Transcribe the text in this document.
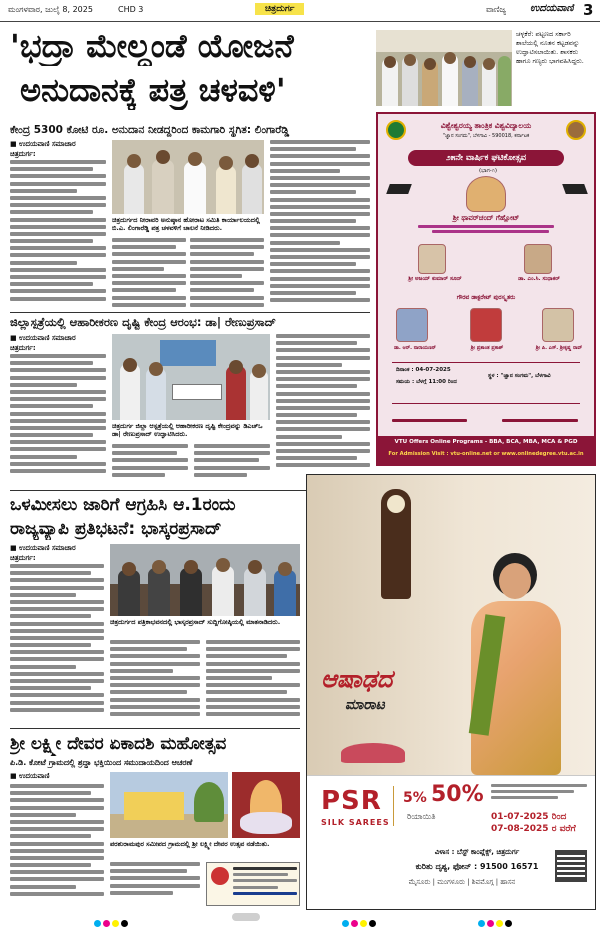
ಮಂಗಳವಾರ, ಜುಲೈ 8, 2025	CHD 3	ಚಿತ್ರದುರ್ಗ	ವಾಣಿಜ್ಯ ಉದಯವಾಣಿ 3
'ಭದ್ರಾ ಮೇಲ್ದಂಡೆ ಯೋಜನೆ
ಅನುದಾನಕ್ಕೆ ಪತ್ರ ಚಳವಳಿ'
ಕೇಂದ್ರ 5300 ಕೋಟಿ ರೂ. ಅನುದಾನ ನೀಡದ್ದರಿಂದ ಕಾಮಗಾರಿ ಸ್ಥಗಿತ: ಲಿಂಗಾರೆಡ್ಡಿ
■ ಉದಯವಾಣಿ ಸಮಾಚಾರ
ಚಿತ್ರದುರ್ಗ:
ಚಿತ್ರದುರ್ಗದ ನೀರಾವರಿ ಅನುಷ್ಠಾನ ಹೋರಾಟ ಸಮಿತಿ ಕಾರ್ಯಾಲಯದಲ್ಲಿ ಬಿ.ಎ. ಲಿಂಗಾರೆಡ್ಡಿ ಪತ್ರ ಚಳವಳಿಗೆ ಚಾಲನೆ ನೀಡಿದರು.
ಜಿಲ್ಲಾಸ್ಪತ್ರೆಯಲ್ಲಿ ಆಹಾರೀಕರಣ ದೃಷ್ಟಿ ಕೇಂದ್ರ ಆರಂಭ: ಡಾ| ರೇಣುಪ್ರಸಾದ್
■ ಉದಯವಾಣಿ ಸಮಾಚಾರ
ಚಿತ್ರದುರ್ಗ:
ಚಿತ್ರದುರ್ಗ ಜಿಲ್ಲಾ ಆಸ್ಪತ್ರೆಯಲ್ಲಿ ಆಹಾರೀಕರಣ ದೃಷ್ಟಿ ಕೇಂದ್ರವನ್ನು ಡಿಎಚ್ಒ ಡಾ| ರೇಣುಪ್ರಸಾದ್ ಉದ್ಘಾಟಿಸಿದರು.
ಚಳ್ಳಕೆರೆ: ಪಟ್ಟಣದ ಸರ್ಕಾರಿ ಶಾಲೆಯಲ್ಲಿ ನೂತನ ಕಟ್ಟಡವನ್ನು ಉದ್ಘಾಟಿಸಲಾಯಿತು. ಶಾಸಕರು ಹಾಗೂ ಗಣ್ಯರು ಭಾಗವಹಿಸಿದ್ದರು.
ವಿಶ್ವೇಶ್ವರಯ್ಯ ತಾಂತ್ರಿಕ ವಿಶ್ವವಿದ್ಯಾಲಯ
"ಜ್ಞಾನ ಸಂಗಮ", ಬೆಳಗಾವಿ - 590018, ಕರ್ನಾಟಕ
೨೫ನೇ ವಾರ್ಷಿಕ ಘಟಿಕೋತ್ಸವ
(ಭಾಗ-೧)
ಶ್ರೀ ಥಾವರ್‌ಚಂದ್ ಗೆಹ್ಲೋಟ್
ಶ್ರೀ ಅಜಯ್ ಕುಮಾರ್ ಸೂದ್	ಡಾ. ಎಂ.ಸಿ. ಸುಧಾಕರ್
ಗೌರವ ಡಾಕ್ಟರೇಟ್ ಪುರಸ್ಕೃತರು
ಡಾ. ಆರ್. ನಾರಾಯಣನ್	ಶ್ರೀ ಪ್ರಶಾಂತ ಪ್ರಕಾಶ್	ಶ್ರೀ ಪಿ. ಎಸ್. ಶ್ರೀಕೃಷ್ಣ ರಾವ್
ದಿನಾಂಕ : 04-07-2025
ಸಮಯ : ಬೆಳಗ್ಗೆ 11:00 ರಿಂದ
ಸ್ಥಳ : "ಜ್ಞಾನ ಸಂಗಮ", ಬೆಳಗಾವಿ

VTU Offers Online Programs - BBA, BCA, MBA, MCA & PGD
For Admission Visit : vtu-online.net or www.onlinedegree.vtu.ac.in
ಒಳಮೀಸಲು ಜಾರಿಗೆ ಆಗ್ರಹಿಸಿ ಆ.1ರಂದು
ರಾಜ್ಯವ್ಯಾಪಿ ಪ್ರತಿಭಟನೆ: ಭಾಸ್ಕರಪ್ರಸಾದ್
■ ಉದಯವಾಣಿ ಸಮಾಚಾರ
ಚಿತ್ರದುರ್ಗ:
ಚಿತ್ರದುರ್ಗದ ಪತ್ರಿಕಾಭವನದಲ್ಲಿ ಭಾಸ್ಕರಪ್ರಸಾದ್ ಸುದ್ದಿಗೋಷ್ಠಿಯಲ್ಲಿ ಮಾತನಾಡಿದರು.
ಆಷಾಢದ
ಮಾರಾಟ
PSR
SILK SAREES
5% 50%
ರಿಯಾಯಿತಿ	01-07-2025 ರಿಂದ
07-08-2025 ರ ವರೆಗೆ
ವಿಳಾಸ : ಬೆಸ್ಟ್ ಕಾಂಪ್ಲೆಕ್ಸ್, ಚಿತ್ರದುರ್ಗ
ಕುರಿತು ದೃಶ್ಯ, ಫೋನ್ : 91500 16571
ಮೈಸೂರು | ಮಂಗಳೂರು | ಶಿವಮೊಗ್ಗ | ಹಾಸನ
ಶ್ರೀ ಲಕ್ಷ್ಮೀ ದೇವರ ಏಕಾದಶಿ ಮಹೋತ್ಸವ
ಪಿ.ಡಿ. ಕೋಟೆ ಗ್ರಾಮದಲ್ಲಿ ಶ್ರದ್ಧಾ ಭಕ್ತಿಯಿಂದ ಸಮುದಾಯದಿಂದ ಆಚರಣೆ
■ ಉದಯವಾಣಿ
ಪರಶುರಾಮಪುರ ಸಮೀಪದ ಗ್ರಾಮದಲ್ಲಿ ಶ್ರೀ ಲಕ್ಷ್ಮೀ ದೇವರ ಉತ್ಸವ ನಡೆಯಿತು.
